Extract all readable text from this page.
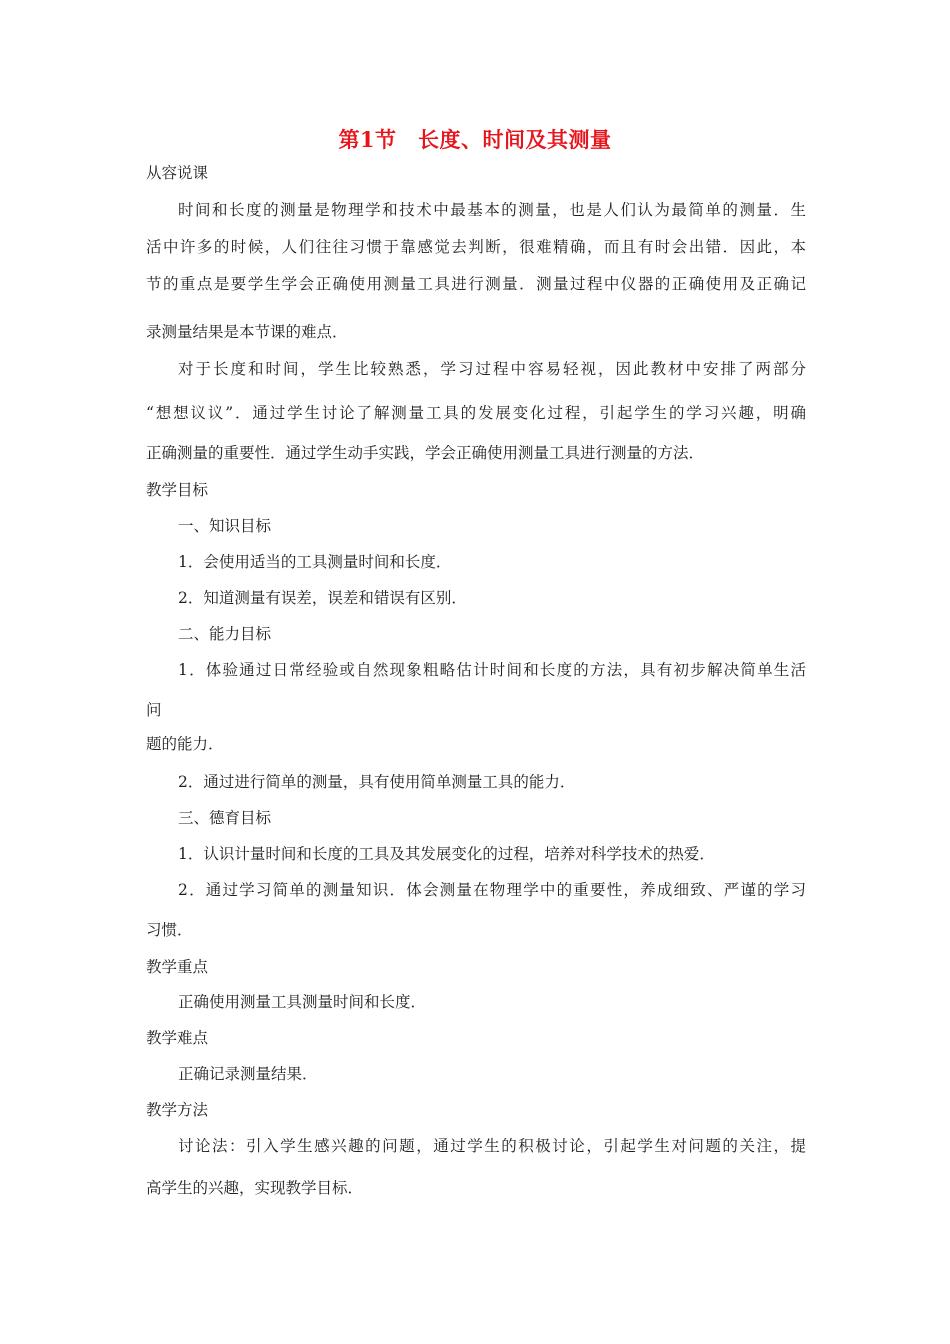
第1节　长度、时间及其测量
从容说课
时间和长度的测量是物理学和技术中最基本的测量，也是人们认为最简单的测量．生
活中许多的时候，人们往往习惯于靠感觉去判断，很难精确，而且有时会出错．因此，本
节的重点是要学生学会正确使用测量工具进行测量．测量过程中仪器的正确使用及正确记
录测量结果是本节课的难点．
对于长度和时间，学生比较熟悉，学习过程中容易轻视，因此教材中安排了两部分
“想想议议”．通过学生讨论了解测量工具的发展变化过程，引起学生的学习兴趣，明确
正确测量的重要性．通过学生动手实践，学会正确使用测量工具进行测量的方法．
教学目标
一、知识目标
1．会使用适当的工具测量时间和长度．
2．知道测量有误差，误差和错误有区别．
二、能力目标
1．体验通过日常经验或自然现象粗略估计时间和长度的方法，具有初步解决简单生活
问
题的能力．
2．通过进行简单的测量，具有使用简单测量工具的能力．
三、德育目标
1．认识计量时间和长度的工具及其发展变化的过程，培养对科学技术的热爱．
2．通过学习简单的测量知识．体会测量在物理学中的重要性，养成细致、严谨的学习
习惯．
教学重点
正确使用测量工具测量时间和长度．
教学难点
正确记录测量结果．
教学方法
讨论法：引入学生感兴趣的问题，通过学生的积极讨论，引起学生对问题的关注，提
高学生的兴趣，实现教学目标．
